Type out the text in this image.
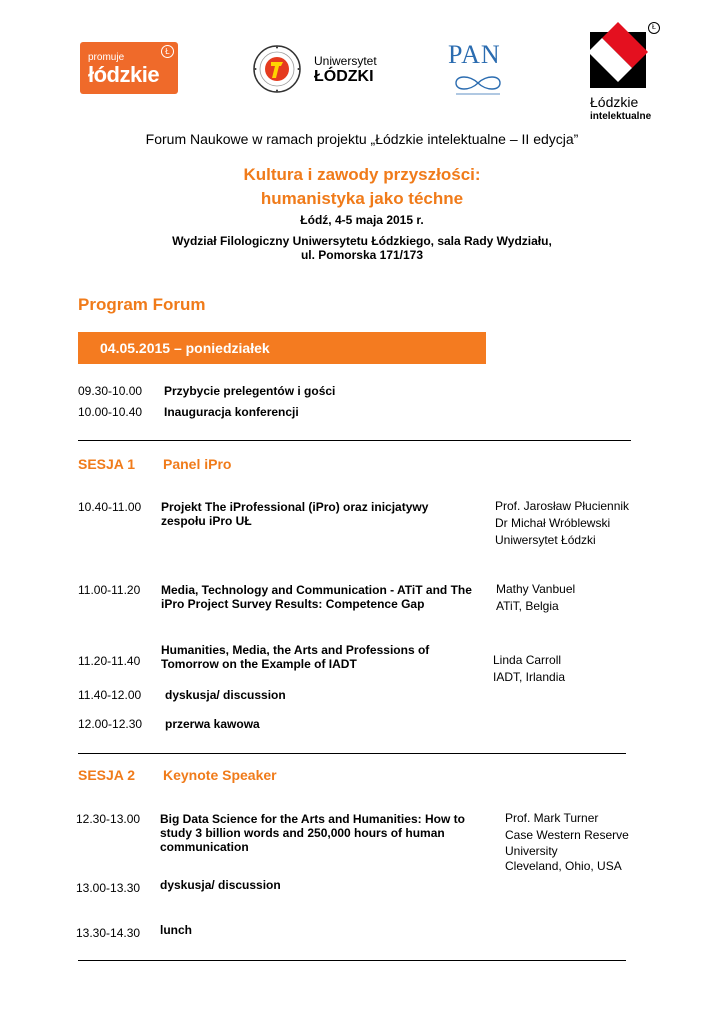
promuje
łódzkie
Ł
Uniwersytet
ŁÓDZKI
PAN
Ł
Łódzkie
intelektualne
Forum Naukowe w ramach projektu „Łódzkie intelektualne – II edycja”
Kultura i zawody przyszłości:
humanistyka jako téchne
Łódź, 4-5 maja 2015 r.
Wydział Filologiczny Uniwersytetu Łódzkiego, sala Rady Wydziału,
ul. Pomorska 171/173
Program Forum
04.05.2015 – poniedziałek
09.30-10.00 Przybycie prelegentów i gości
10.00-10.40 Inauguracja konferencji
SESJA 1 Panel iPro
10.40-11.00 Projekt The iProfessional (iPro) oraz inicjatywy
zespołu iPro UŁ
Prof. Jarosław Płuciennik
Dr Michał Wróblewski
Uniwersytet Łódzki
11.00-11.20 Media, Technology and Communication - ATiT and The
iPro Project Survey Results: Competence Gap
Mathy Vanbuel
ATiT, Belgia
Humanities, Media, the Arts and Professions of
Tomorrow on the Example of IADT
11.20-11.40	Linda Carroll
IADT, Irlandia
11.40-12.00 dyskusja/ discussion
12.00-12.30 przerwa kawowa
SESJA 2 Keynote Speaker
12.30-13.00 Big Data Science for the Arts and Humanities: How to
study 3 billion words and 250,000 hours of human
communication
Prof. Mark Turner
Case Western Reserve
University
Cleveland, Ohio, USA
13.00-13.30 dyskusja/ discussion
13.30-14.30 lunch
